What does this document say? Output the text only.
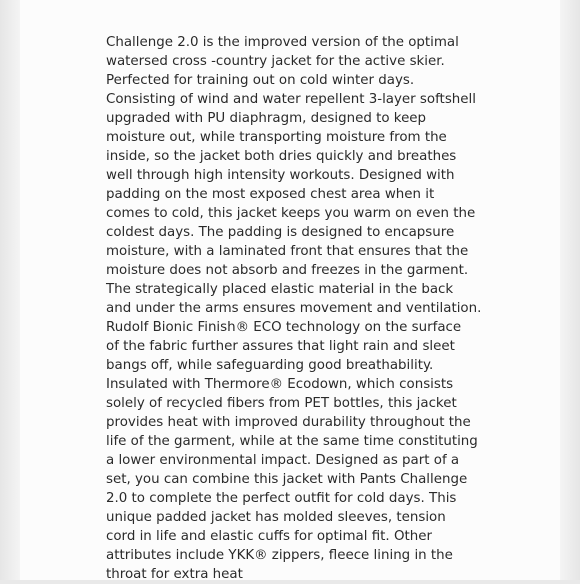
Challenge 2.0 is the improved version of the optimal
watersed cross -country jacket for the active skier.
Perfected for training out on cold winter days.
Consisting of wind and water repellent 3-layer softshell
upgraded with PU diaphragm, designed to keep
moisture out, while transporting moisture from the
inside, so the jacket both dries quickly and breathes
well through high intensity workouts. Designed with
padding on the most exposed chest area when it
comes to cold, this jacket keeps you warm on even the
coldest days. The padding is designed to encapsure
moisture, with a laminated front that ensures that the
moisture does not absorb and freezes in the garment.
The strategically placed elastic material in the back
and under the arms ensures movement and ventilation.
Rudolf Bionic Finish® ECO technology on the surface
of the fabric further assures that light rain and sleet
bangs off, while safeguarding good breathability.
Insulated with Thermore® Ecodown, which consists
solely of recycled fibers from PET bottles, this jacket
provides heat with improved durability throughout the
life of the garment, while at the same time constituting
a lower environmental impact. Designed as part of a
set, you can combine this jacket with Pants Challenge
2.0 to complete the perfect outfit for cold days. This
unique padded jacket has molded sleeves, tension
cord in life and elastic cuffs for optimal fit. Other
attributes include YKK® zippers, fleece lining in the
throat for extra heat
